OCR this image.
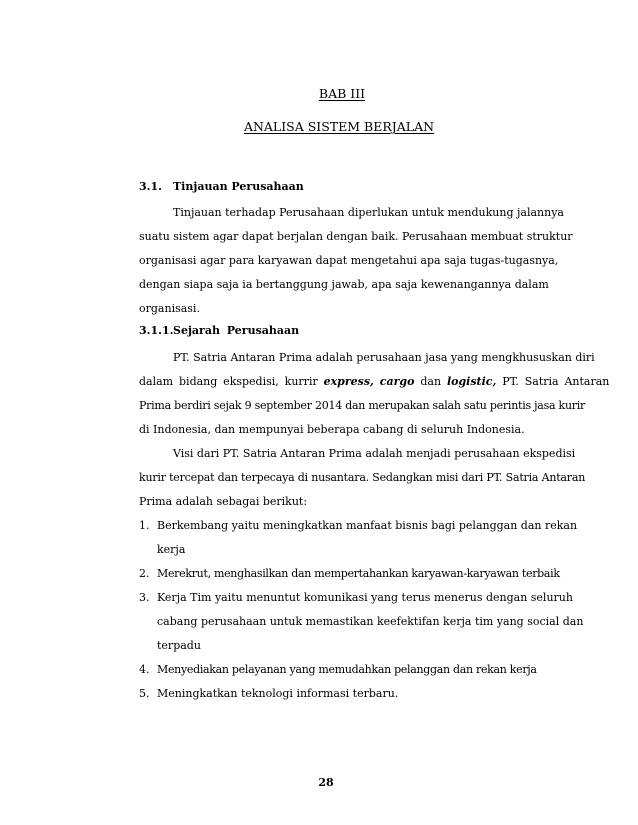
BAB III
ANALISA SISTEM BERJALAN
3.1. Tinjauan Perusahaan
Tinjauan terhadap Perusahaan diperlukan untuk mendukung jalannya
suatu sistem agar dapat berjalan dengan baik. Perusahaan membuat struktur
organisasi agar para karyawan dapat mengetahui apa saja tugas-tugasnya,
dengan siapa saja ia bertanggung jawab, apa saja kewenangannya dalam
organisasi.
3.1.1. Sejarah Perusahaan
PT. Satria Antaran Prima adalah perusahaan jasa yang mengkhususkan diri
dalam bidang ekspedisi, kurrir express, cargo dan logistic, PT. Satria Antaran
Prima berdiri sejak 9 september 2014 dan merupakan salah satu perintis jasa kurir
di Indonesia, dan mempunyai beberapa cabang di seluruh Indonesia.
Visi dari PT. Satria Antaran Prima adalah menjadi perusahaan ekspedisi
kurir tercepat dan terpecaya di nusantara. Sedangkan misi dari PT. Satria Antaran
Prima adalah sebagai berikut:
1. Berkembang yaitu meningkatkan manfaat bisnis bagi pelanggan dan rekan
kerja
2. Merekrut, menghasilkan dan mempertahankan karyawan-karyawan terbaik
3. Kerja Tim yaitu menuntut komunikasi yang terus menerus dengan seluruh
cabang perusahaan untuk memastikan keefektifan kerja tim yang social dan
terpadu
4. Menyediakan pelayanan yang memudahkan pelanggan dan rekan kerja
5. Meningkatkan teknologi informasi terbaru.
28
